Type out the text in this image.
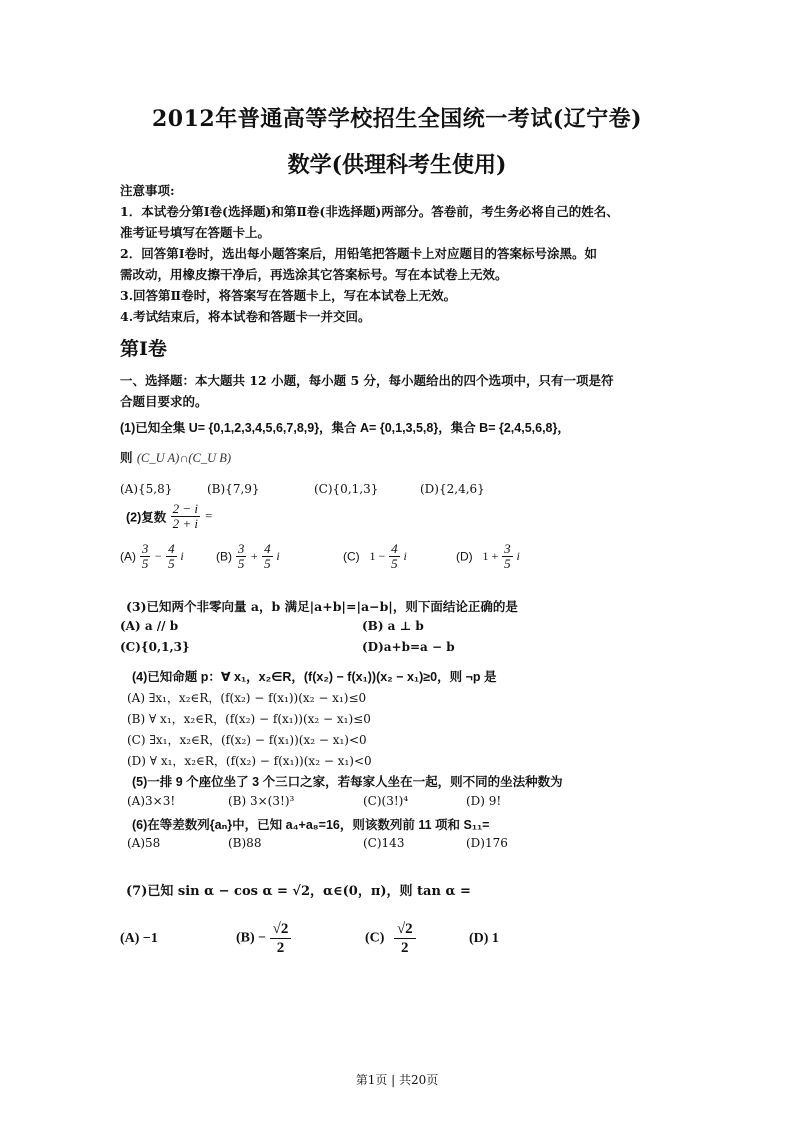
2012年普通高等学校招生全国统一考试(辽宁卷)
数学(供理科考生使用)
注意事项:
1．本试卷分第Ⅰ卷(选择题)和第Ⅱ卷(非选择题)两部分。答卷前，考生务必将自己的姓名、
准考证号填写在答题卡上。
2．回答第Ⅰ卷时，选出每小题答案后，用铅笔把答题卡上对应题目的答案标号涂黑。如
需改动，用橡皮擦干净后，再选涂其它答案标号。写在本试卷上无效。
3.回答第Ⅱ卷时，将答案写在答题卡上，写在本试卷上无效。
4.考试结束后，将本试卷和答题卡一并交回。
第Ⅰ卷
一、选择题：本大题共 12 小题，每小题 5 分，每小题给出的四个选项中，只有一项是符
合题目要求的。
(1)已知全集 U= {0,1,2,3,4,5,6,7,8,9}，集合 A= {0,1,3,5,8}，集合 B= {2,4,5,6,8}，
则 (C_U A)∩(C_U B)
(A){5,8}	(B){7,9}	(C){0,1,3}	(D){2,4,6}
(2)复数 $\frac{2 - i}{2 + i}$ =
$(A) \frac{3}{5} - \frac{4}{5}$ i	$(B) \frac{3}{5} + \frac{4}{5}$ i	(C) $1 - \frac{4}{5}$ i	(D) $1 + \frac{3}{5}$ i
(3)已知两个非零向量 a，b 满足|a+b|=|a−b|，则下面结论正确的是
(A) a // b	(B) a ⊥ b
(C){0,1,3}	(D)a+b=a − b
(4)已知命题 p：∀ x₁，x₂∈R，(f(x₂) − f(x₁))(x₂ − x₁)≥0，则 ¬p 是
(A) ∃x₁，x₂∈R，(f(x₂) − f(x₁))(x₂ − x₁)≤0
(B) ∀ x₁，x₂∈R，(f(x₂) − f(x₁))(x₂ − x₁)≤0
(C) ∃x₁，x₂∈R，(f(x₂) − f(x₁))(x₂ − x₁)<0
(D) ∀ x₁，x₂∈R，(f(x₂) − f(x₁))(x₂ − x₁)<0
(5)一排 9 个座位坐了 3 个三口之家，若每家人坐在一起，则不同的坐法种数为
(A)3×3!	(B) 3×(3!)³	(C)(3!)⁴	(D) 9!
(6)在等差数列{aₙ}中，已知 a₄+a₈=16，则该数列前 11 项和 S₁₁=
(A)58	(B)88	(C)143	(D)176
(7)已知 sin α − cos α = √2，α∈(0，π)，则 tan α =
(A) −1	$(B) - \frac{√2}{2}$	$(C) \frac{√2}{2}$	(D) 1
第1页 | 共20页
